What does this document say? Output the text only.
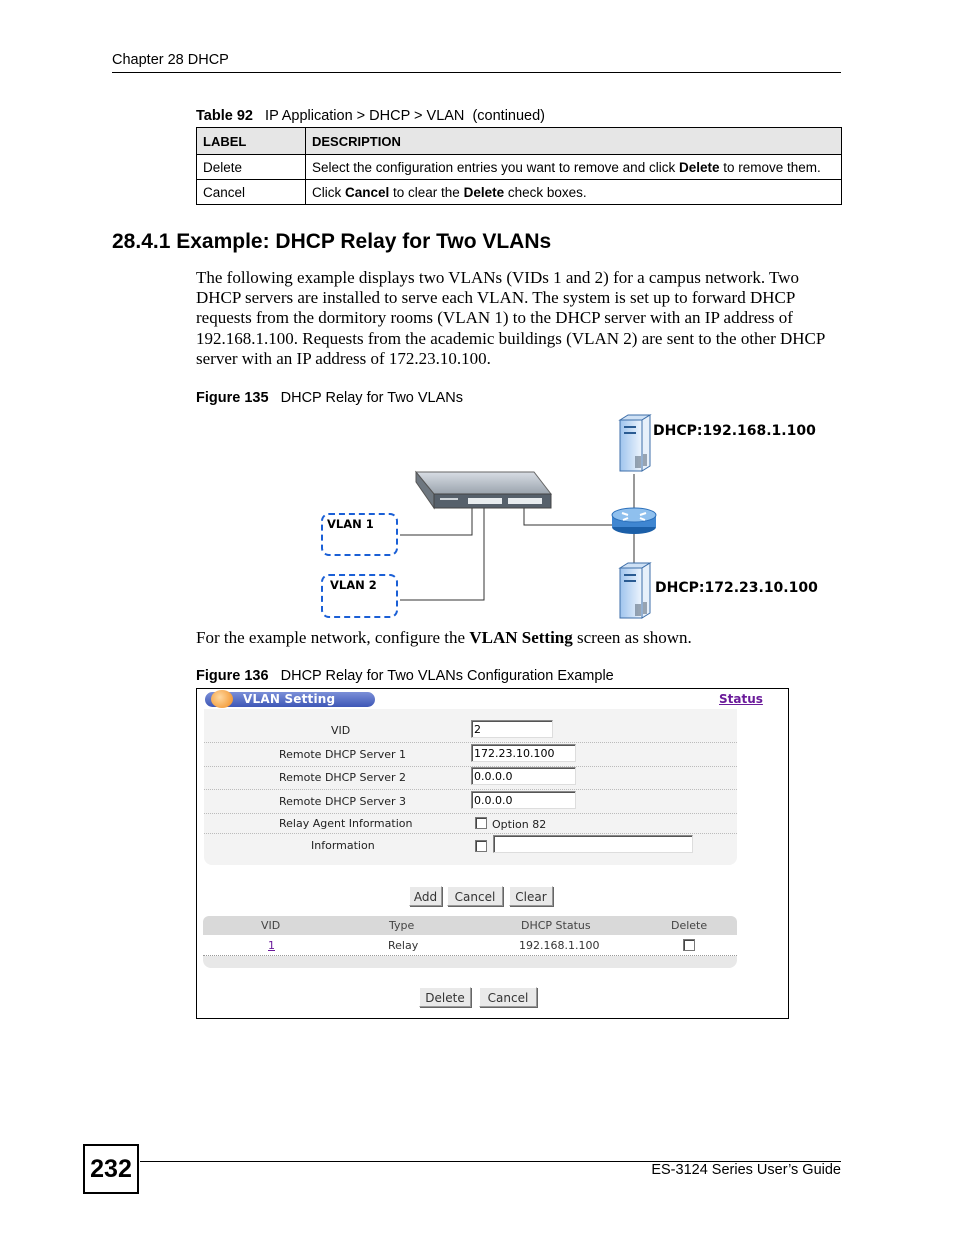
Chapter 28 DHCP
Table 92 IP Application > DHCP > VLAN  (continued)
LABEL	DESCRIPTION
Delete	Select the configuration entries you want to remove and click Delete to remove them.
Cancel	Click Cancel to clear the Delete check boxes.
28.4.1 Example: DHCP Relay for Two VLANs
The following example displays two VLANs (VIDs 1 and 2) for a campus network. Two DHCP servers are installed to serve each VLAN. The system is set up to forward DHCP requests from the dormitory rooms (VLAN 1) to the DHCP server with an IP address of 192.168.1.100. Requests from the academic buildings (VLAN 2) are sent to the other DHCP server with an IP address of 172.23.10.100.
Figure 135 DHCP Relay for Two VLANs
DHCP:192.168.1.100
DHCP:172.23.10.100
VLAN 1
VLAN 2
For the example network, configure the VLAN Setting screen as shown.
Figure 136 DHCP Relay for Two VLANs Configuration Example
VLAN Setting	Status
VID	2
Remote DHCP Server 1	172.23.10.100
Remote DHCP Server 2	0.0.0.0
Remote DHCP Server 3	0.0.0.0
Relay Agent Information	Option 82
Information
Add	Cancel	Clear
VID	Type	DHCP Status	Delete
1	Relay	192.168.1.100
Delete	Cancel
232	ES-3124 Series User’s Guide
